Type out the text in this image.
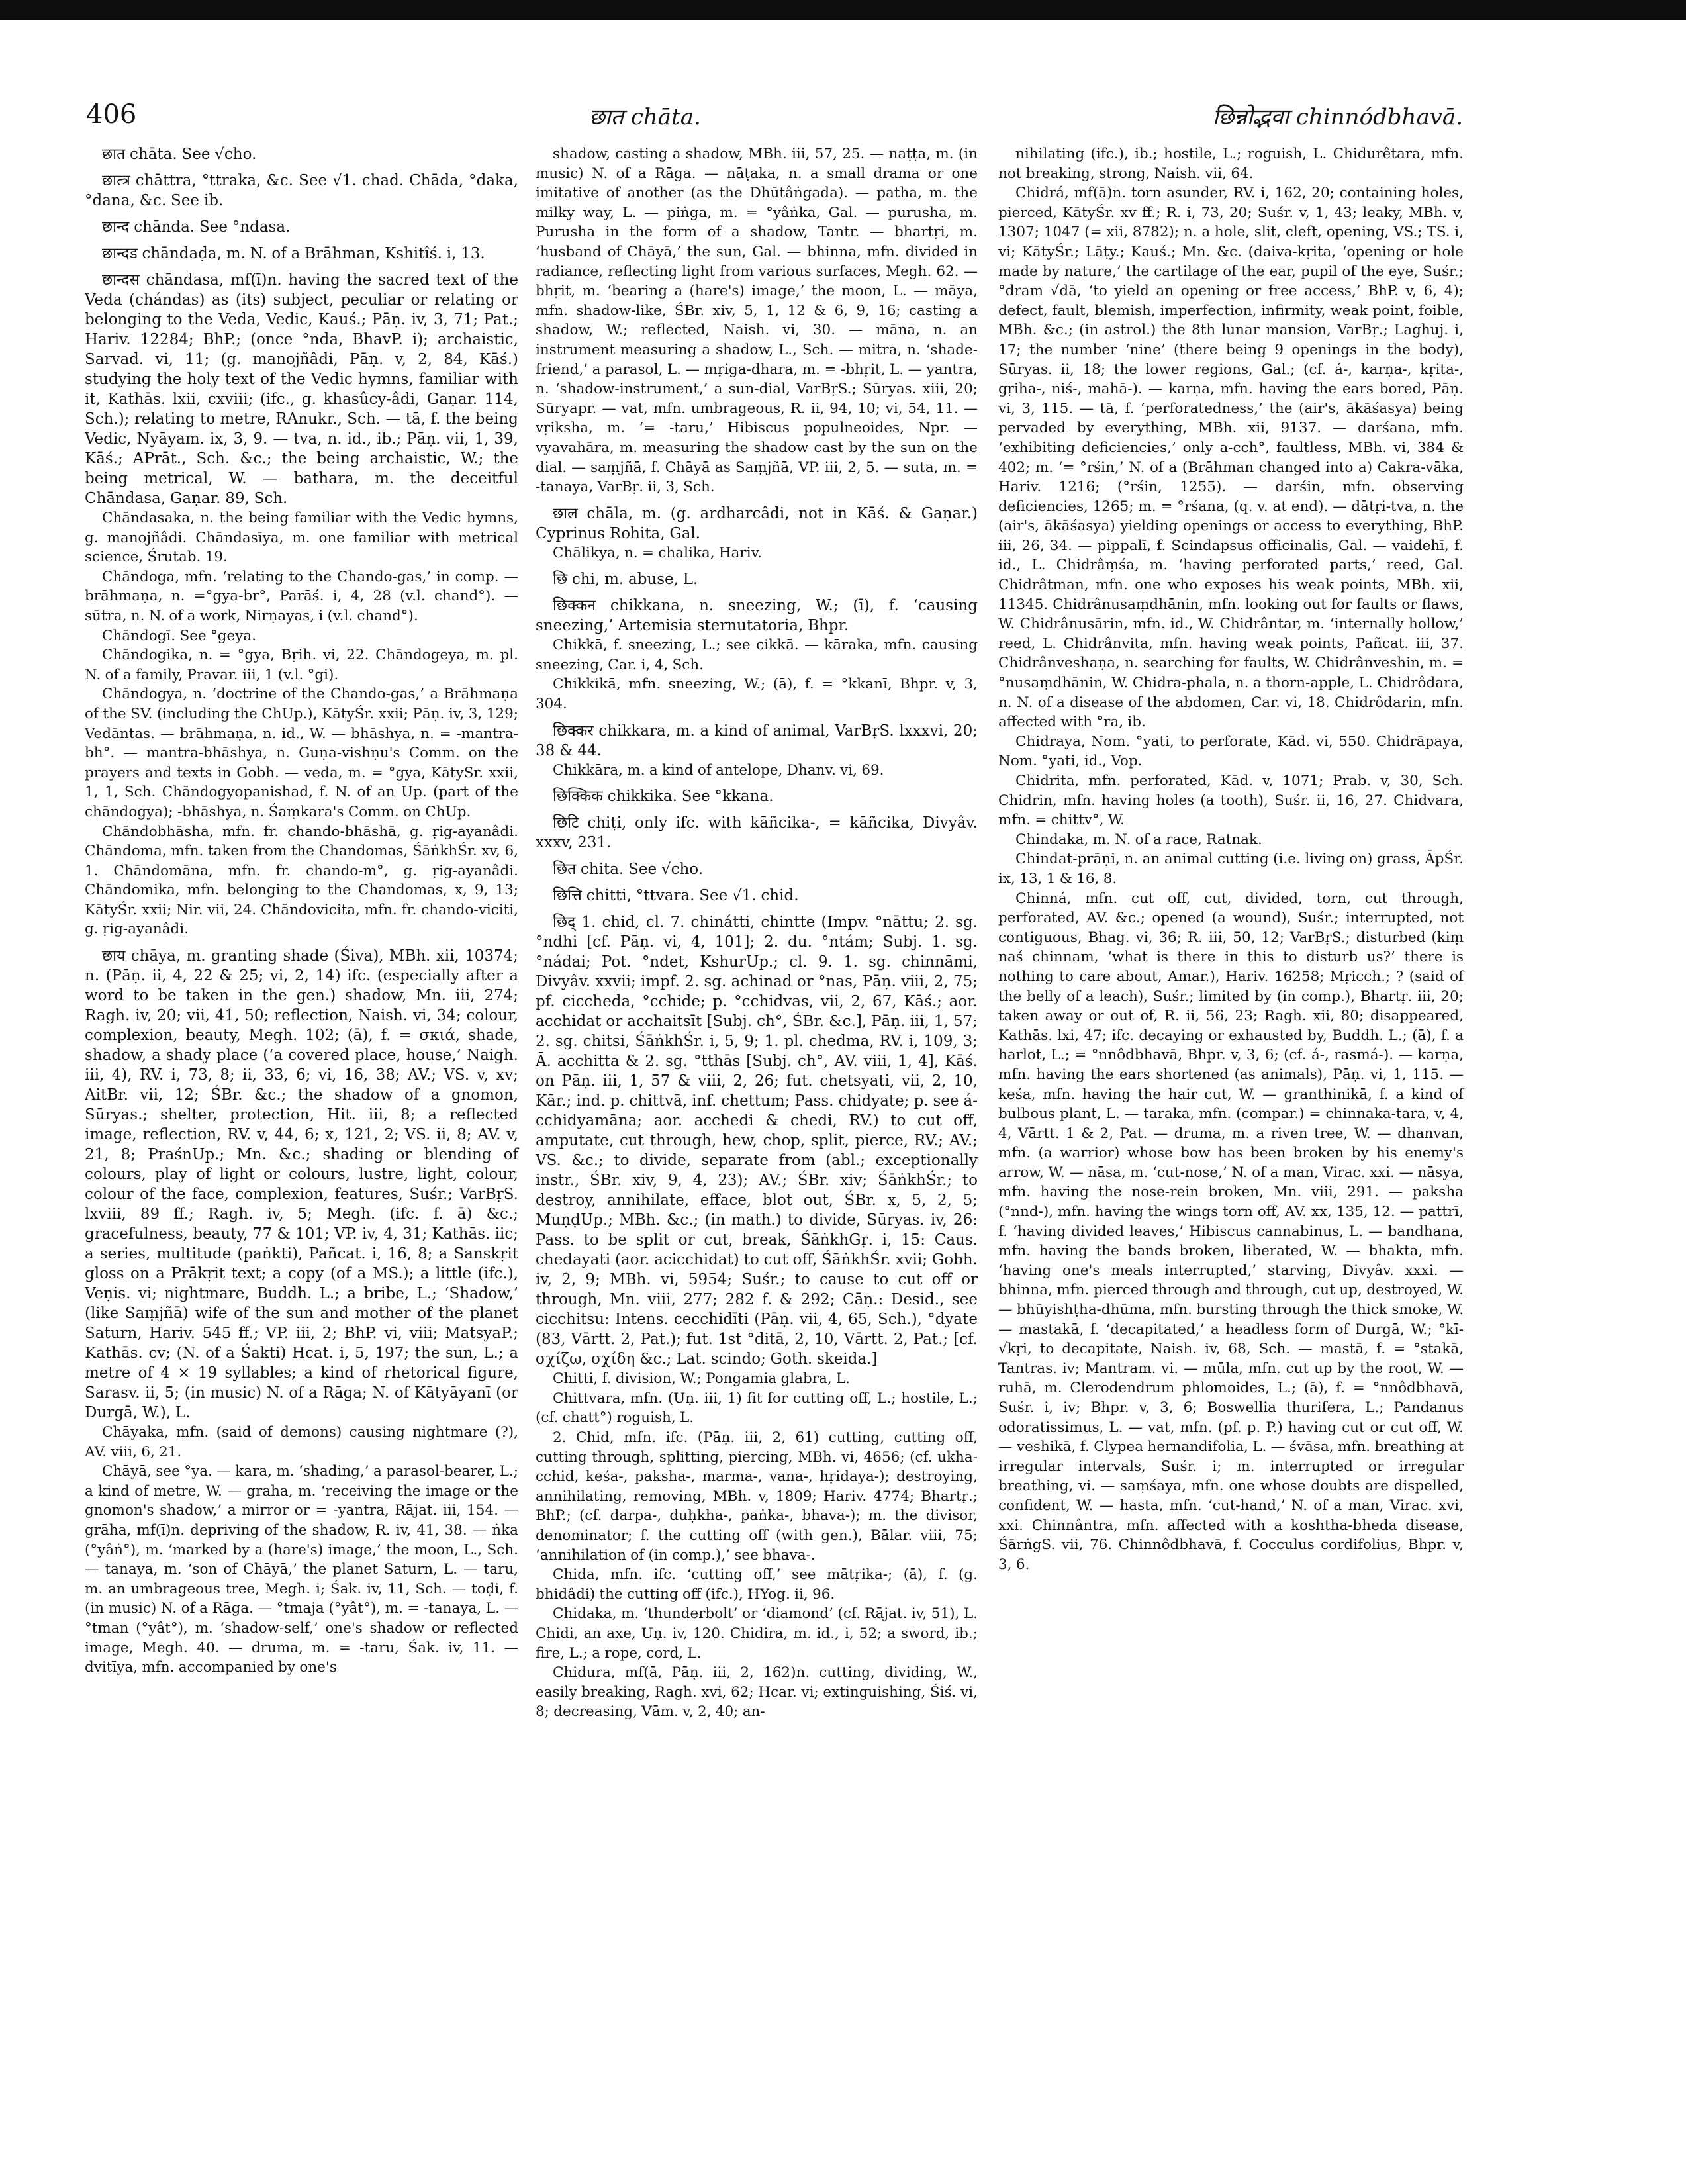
406	छात chāta.	छिन्नोद्भवा chinnódbhavā.

छात chāta. See √cho.

छात्त्र chāttra, °ttraka, &c. See √1. chad. Chāda, °daka, °dana, &c. See ib.

छान्द chānda. See °ndasa.

छान्दड chāndaḍa, m. N. of a Brāhman, Kshitîś. i, 13.

छान्दस chāndasa, mf(ī)n. having the sacred text of the Veda (chándas) as (its) subject, peculiar or relating or belonging to the Veda, Vedic, Kauś.; Pāṇ. iv, 3, 71; Pat.; Hariv. 12284; BhP.; (once °nda, BhavP. i); archaistic, Sarvad. vi, 11; (g. manojñâdi, Pāṇ. v, 2, 84, Kāś.) studying the holy text of the Vedic hymns, familiar with it, Kathās. lxii, cxviii; (ifc., g. khasûcy-âdi, Gaṇar. 114, Sch.); relating to metre, RAnukr., Sch. — tā, f. the being Vedic, Nyāyam. ix, 3, 9. — tva, n. id., ib.; Pāṇ. vii, 1, 39, Kāś.; APrāt., Sch. &c.; the being archaistic, W.; the being metrical, W. — bathara, m. the deceitful Chāndasa, Gaṇar. 89, Sch.

Chāndasaka, n. the being familiar with the Vedic hymns, g. manojñâdi. Chāndasīya, m. one familiar with metrical science, Śrutab. 19.

Chāndoga, mfn. ‘relating to the Chando-gas,’ in comp. — brāhmaṇa, n. =°gya-br°, Parāś. i, 4, 28 (v.l. chand°). — sūtra, n. N. of a work, Nirṇayas, i (v.l. chand°).

Chāndogī. See °geya.

Chāndogika, n. = °gya, Bṛih. vi, 22. Chāndogeya, m. pl. N. of a family, Pravar. iii, 1 (v.l. °gi).

Chāndogya, n. ‘doctrine of the Chando-gas,’ a Brāhmaṇa of the SV. (including the ChUp.), KātyŚr. xxii; Pāṇ. iv, 3, 129; Vedāntas. — brāhmaṇa, n. id., W. — bhāshya, n. = -mantra-bh°. — mantra-bhāshya, n. Guṇa-vishṇu's Comm. on the prayers and texts in Gobh. — veda, m. = °gya, KātySr. xxii, 1, 1, Sch. Chāndogyopanishad, f. N. of an Up. (part of the chāndogya); -bhāshya, n. Śaṃkara's Comm. on ChUp.

Chāndobhāsha, mfn. fr. chando-bhāshā, g. ṛig-ayanâdi. Chāndoma, mfn. taken from the Chandomas, ŚāṅkhŚr. xv, 6, 1. Chāndomāna, mfn. fr. chando-m°, g. ṛig-ayanâdi. Chāndomika, mfn. belonging to the Chandomas, x, 9, 13; KātyŚr. xxii; Nir. vii, 24. Chāndovicita, mfn. fr. chando-viciti, g. ṛig-ayanâdi.

छाय chāya, m. granting shade (Śiva), MBh. xii, 10374; n. (Pāṇ. ii, 4, 22 & 25; vi, 2, 14) ifc. (especially after a word to be taken in the gen.) shadow, Mn. iii, 274; Ragh. iv, 20; vii, 41, 50; reflection, Naish. vi, 34; colour, complexion, beauty, Megh. 102; (ā), f. = σκιά, shade, shadow, a shady place (‘a covered place, house,’ Naigh. iii, 4), RV. i, 73, 8; ii, 33, 6; vi, 16, 38; AV.; VS. v, xv; AitBr. vii, 12; ŚBr. &c.; the shadow of a gnomon, Sūryas.; shelter, protection, Hit. iii, 8; a reflected image, reflection, RV. v, 44, 6; x, 121, 2; VS. ii, 8; AV. v, 21, 8; PraśnUp.; Mn. &c.; shading or blending of colours, play of light or colours, lustre, light, colour, colour of the face, complexion, features, Suśr.; VarBṛS. lxviii, 89 ff.; Ragh. iv, 5; Megh. (ifc. f. ā) &c.; gracefulness, beauty, 77 & 101; VP. iv, 4, 31; Kathās. iic; a series, multitude (paṅkti), Pañcat. i, 16, 8; a Sanskṛit gloss on a Prākṛit text; a copy (of a MS.); a little (ifc.), Veṇis. vi; nightmare, Buddh. L.; a bribe, L.; ‘Shadow,’ (like Saṃjñā) wife of the sun and mother of the planet Saturn, Hariv. 545 ff.; VP. iii, 2; BhP. vi, viii; MatsyaP.; Kathās. cv; (N. of a Śakti) Hcat. i, 5, 197; the sun, L.; a metre of 4 × 19 syllables; a kind of rhetorical figure, Sarasv. ii, 5; (in music) N. of a Rāga; N. of Kātyāyanī (or Durgā, W.), L.

Chāyaka, mfn. (said of demons) causing nightmare (?), AV. viii, 6, 21.

Chāyā, see °ya. — kara, m. ‘shading,’ a parasol-bearer, L.; a kind of metre, W. — graha, m. ‘receiving the image or the gnomon's shadow,’ a mirror or = -yantra, Rājat. iii, 154. — grāha, mf(ī)n. depriving of the shadow, R. iv, 41, 38. — ṅka (°yâṅ°), m. ‘marked by a (hare's) image,’ the moon, L., Sch. — tanaya, m. ‘son of Chāyā,’ the planet Saturn, L. — taru, m. an umbrageous tree, Megh. i; Śak. iv, 11, Sch. — toḍi, f. (in music) N. of a Rāga. — °tmaja (°yât°), m. = -tanaya, L. — °tman (°yât°), m. ‘shadow-self,’ one's shadow or reflected image, Megh. 40. — druma, m. = -taru, Śak. iv, 11. — dvitīya, mfn. accompanied by one's

shadow, casting a shadow, MBh. iii, 57, 25. — naṭṭa, m. (in music) N. of a Rāga. — nāṭaka, n. a small drama or one imitative of another (as the Dhūtâṅgada). — patha, m. the milky way, L. — piṅga, m. = °yâṅka, Gal. — purusha, m. Purusha in the form of a shadow, Tantr. — bhartṛi, m. ‘husband of Chāyā,’ the sun, Gal. — bhinna, mfn. divided in radiance, reflecting light from various surfaces, Megh. 62. — bhṛit, m. ‘bearing a (hare's) image,’ the moon, L. — māya, mfn. shadow-like, ŚBr. xiv, 5, 1, 12 & 6, 9, 16; casting a shadow, W.; reflected, Naish. vi, 30. — māna, n. an instrument measuring a shadow, L., Sch. — mitra, n. ‘shade-friend,’ a parasol, L. — mṛiga-dhara, m. = -bhṛit, L. — yantra, n. ‘shadow-instrument,’ a sun-dial, VarBṛS.; Sūryas. xiii, 20; Sūryapr. — vat, mfn. umbrageous, R. ii, 94, 10; vi, 54, 11. — vṛiksha, m. ‘= -taru,’ Hibiscus populneoides, Npr. — vyavahāra, m. measuring the shadow cast by the sun on the dial. — saṃjñā, f. Chāyā as Saṃjñā, VP. iii, 2, 5. — suta, m. = -tanaya, VarBṛ. ii, 3, Sch.

छाल chāla, m. (g. ardharcâdi, not in Kāś. & Gaṇar.) Cyprinus Rohita, Gal.

Chālikya, n. = chalika, Hariv.

छि chi, m. abuse, L.

छिक्कन chikkana, n. sneezing, W.; (ī), f. ‘causing sneezing,’ Artemisia sternutatoria, Bhpr.

Chikkā, f. sneezing, L.; see cikkā. — kāraka, mfn. causing sneezing, Car. i, 4, Sch.

Chikkikā, mfn. sneezing, W.; (ā), f. = °kkanī, Bhpr. v, 3, 304.

छिक्कर chikkara, m. a kind of animal, VarBṛS. lxxxvi, 20; 38 & 44.

Chikkāra, m. a kind of antelope, Dhanv. vi, 69.

छिक्किक chikkika. See °kkana.

छिटि chiṭi, only ifc. with kāñcika-, = kāñcika, Divyâv. xxxv, 231.

छित chita. See √cho.

छित्ति chitti, °ttvara. See √1. chid.

छिद् 1. chid, cl. 7. chinátti, chintte (Impv. °nāttu; 2. sg. °ndhi [cf. Pāṇ. vi, 4, 101]; 2. du. °ntám; Subj. 1. sg. °nádai; Pot. °ndet, KshurUp.; cl. 9. 1. sg. chinnāmi, Divyâv. xxvii; impf. 2. sg. achinad or °nas, Pāṇ. viii, 2, 75; pf. ciccheda, °cchide; p. °cchidvas, vii, 2, 67, Kāś.; aor. acchidat or acchaitsīt [Subj. ch°, ŚBr. &c.], Pāṇ. iii, 1, 57; 2. sg. chitsi, ŚāṅkhŚr. i, 5, 9; 1. pl. chedma, RV. i, 109, 3; Ā. acchitta & 2. sg. °tthās [Subj. ch°, AV. viii, 1, 4], Kāś. on Pāṇ. iii, 1, 57 & viii, 2, 26; fut. chetsyati, vii, 2, 10, Kār.; ind. p. chittvā, inf. chettum; Pass. chidyate; p. see á-cchidyamāna; aor. acchedi & chedi, RV.) to cut off, amputate, cut through, hew, chop, split, pierce, RV.; AV.; VS. &c.; to divide, separate from (abl.; exceptionally instr., ŚBr. xiv, 9, 4, 23); AV.; ŚBr. xiv; ŚāṅkhŚr.; to destroy, annihilate, efface, blot out, ŚBr. x, 5, 2, 5; MuṇḍUp.; MBh. &c.; (in math.) to divide, Sūryas. iv, 26: Pass. to be split or cut, break, ŚāṅkhGṛ. i, 15: Caus. chedayati (aor. acicchidat) to cut off, ŚāṅkhŚr. xvii; Gobh. iv, 2, 9; MBh. vi, 5954; Suśr.; to cause to cut off or through, Mn. viii, 277; 282 f. & 292; Cāṇ.: Desid., see cicchitsu: Intens. cecchidīti (Pāṇ. vii, 4, 65, Sch.), °dyate (83, Vārtt. 2, Pat.); fut. 1st °ditā, 2, 10, Vārtt. 2, Pat.; [cf. σχίζω, σχίδη &c.; Lat. scindo; Goth. skeida.]

Chitti, f. division, W.; Pongamia glabra, L.

Chittvara, mfn. (Uṇ. iii, 1) fit for cutting off, L.; hostile, L.; (cf. chatt°) roguish, L.

2. Chid, mfn. ifc. (Pāṇ. iii, 2, 61) cutting, cutting off, cutting through, splitting, piercing, MBh. vi, 4656; (cf. ukha-cchid, keśa-, paksha-, marma-, vana-, hṛidaya-); destroying, annihilating, removing, MBh. v, 1809; Hariv. 4774; Bhartṛ.; BhP.; (cf. darpa-, duḥkha-, paṅka-, bhava-); m. the divisor, denominator; f. the cutting off (with gen.), Bālar. viii, 75; ‘annihilation of (in comp.),’ see bhava-.

Chida, mfn. ifc. ‘cutting off,’ see mātṛika-; (ā), f. (g. bhidâdi) the cutting off (ifc.), HYog. ii, 96.

Chidaka, m. ‘thunderbolt’ or ‘diamond’ (cf. Rājat. iv, 51), L. Chidi, an axe, Uṇ. iv, 120. Chidira, m. id., i, 52; a sword, ib.; fire, L.; a rope, cord, L.

Chidura, mf(ā, Pāṇ. iii, 2, 162)n. cutting, dividing, W., easily breaking, Ragh. xvi, 62; Hcar. vi; extinguishing, Śiś. vi, 8; decreasing, Vām. v, 2, 40; an-

nihilating (ifc.), ib.; hostile, L.; roguish, L. Chidurêtara, mfn. not breaking, strong, Naish. vii, 64.

Chidrá, mf(ā)n. torn asunder, RV. i, 162, 20; containing holes, pierced, KātyŚr. xv ff.; R. i, 73, 20; Suśr. v, 1, 43; leaky, MBh. v, 1307; 1047 (= xii, 8782); n. a hole, slit, cleft, opening, VS.; TS. i, vi; KātyŚr.; Lāṭy.; Kauś.; Mn. &c. (daiva-kṛita, ‘opening or hole made by nature,’ the cartilage of the ear, pupil of the eye, Suśr.; °dram √dā, ‘to yield an opening or free access,’ BhP. v, 6, 4); defect, fault, blemish, imperfection, infirmity, weak point, foible, MBh. &c.; (in astrol.) the 8th lunar mansion, VarBṛ.; Laghuj. i, 17; the number ‘nine’ (there being 9 openings in the body), Sūryas. ii, 18; the lower regions, Gal.; (cf. á-, karṇa-, kṛita-, gṛiha-, niś-, mahā-). — karṇa, mfn. having the ears bored, Pāṇ. vi, 3, 115. — tā, f. ‘perforatedness,’ the (air's, ākāśasya) being pervaded by everything, MBh. xii, 9137. — darśana, mfn. ‘exhibiting deficiencies,’ only a-cch°, faultless, MBh. vi, 384 & 402; m. ‘= °rśin,’ N. of a (Brāhman changed into a) Cakra-vāka, Hariv. 1216; (°rśin, 1255). — darśin, mfn. observing deficiencies, 1265; m. = °rśana, (q. v. at end). — dātṛi-tva, n. the (air's, ākāśasya) yielding openings or access to everything, BhP. iii, 26, 34. — pippalī, f. Scindapsus officinalis, Gal. — vaidehī, f. id., L. Chidrâṃśa, m. ‘having perforated parts,’ reed, Gal. Chidrâtman, mfn. one who exposes his weak points, MBh. xii, 11345. Chidrânusaṃdhānin, mfn. looking out for faults or flaws, W. Chidrânusārin, mfn. id., W. Chidrântar, m. ‘internally hollow,’ reed, L. Chidrânvita, mfn. having weak points, Pañcat. iii, 37. Chidrânveshaṇa, n. searching for faults, W. Chidrânveshin, m. = °nusaṃdhānin, W. Chidra-phala, n. a thorn-apple, L. Chidrôdara, n. N. of a disease of the abdomen, Car. vi, 18. Chidrôdarin, mfn. affected with °ra, ib.

Chidraya, Nom. °yati, to perforate, Kād. vi, 550. Chidrāpaya, Nom. °yati, id., Vop.

Chidrita, mfn. perforated, Kād. v, 1071; Prab. v, 30, Sch. Chidrin, mfn. having holes (a tooth), Suśr. ii, 16, 27. Chidvara, mfn. = chittv°, W.

Chindaka, m. N. of a race, Ratnak.

Chindat-prāṇi, n. an animal cutting (i.e. living on) grass, ĀpŚr. ix, 13, 1 & 16, 8.

Chinná, mfn. cut off, cut, divided, torn, cut through, perforated, AV. &c.; opened (a wound), Suśr.; interrupted, not contiguous, Bhag. vi, 36; R. iii, 50, 12; VarBṛS.; disturbed (kiṃ naś chinnam, ‘what is there in this to disturb us?’ there is nothing to care about, Amar.), Hariv. 16258; Mṛicch.; ? (said of the belly of a leach), Suśr.; limited by (in comp.), Bhartṛ. iii, 20; taken away or out of, R. ii, 56, 23; Ragh. xii, 80; disappeared, Kathās. lxi, 47; ifc. decaying or exhausted by, Buddh. L.; (ā), f. a harlot, L.; = °nnôdbhavā, Bhpr. v, 3, 6; (cf. á-, rasmá-). — karṇa, mfn. having the ears shortened (as animals), Pāṇ. vi, 1, 115. — keśa, mfn. having the hair cut, W. — granthinikā, f. a kind of bulbous plant, L. — taraka, mfn. (compar.) = chinnaka-tara, v, 4, 4, Vārtt. 1 & 2, Pat. — druma, m. a riven tree, W. — dhanvan, mfn. (a warrior) whose bow has been broken by his enemy's arrow, W. — nāsa, m. ‘cut-nose,’ N. of a man, Virac. xxi. — nāsya, mfn. having the nose-rein broken, Mn. viii, 291. — paksha (°nnd-), mfn. having the wings torn off, AV. xx, 135, 12. — pattrī, f. ‘having divided leaves,’ Hibiscus cannabinus, L. — bandhana, mfn. having the bands broken, liberated, W. — bhakta, mfn. ‘having one's meals interrupted,’ starving, Divyâv. xxxi. — bhinna, mfn. pierced through and through, cut up, destroyed, W. — bhūyishṭha-dhūma, mfn. bursting through the thick smoke, W. — mastakā, f. ‘decapitated,’ a headless form of Durgā, W.; °kī-√kṛi, to decapitate, Naish. iv, 68, Sch. — mastā, f. = °stakā, Tantras. iv; Mantram. vi. — mūla, mfn. cut up by the root, W. — ruhā, m. Clerodendrum phlomoides, L.; (ā), f. = °nnôdbhavā, Suśr. i, iv; Bhpr. v, 3, 6; Boswellia thurifera, L.; Pandanus odoratissimus, L. — vat, mfn. (pf. p. P.) having cut or cut off, W. — veshikā, f. Clypea hernandifolia, L. — śvāsa, mfn. breathing at irregular intervals, Suśr. i; m. interrupted or irregular breathing, vi. — saṃśaya, mfn. one whose doubts are dispelled, confident, W. — hasta, mfn. ‘cut-hand,’ N. of a man, Virac. xvi, xxi. Chinnântra, mfn. affected with a koshtha-bheda disease, ŚārṅgS. vii, 76. Chinnôdbhavā, f. Cocculus cordifolius, Bhpr. v, 3, 6.
